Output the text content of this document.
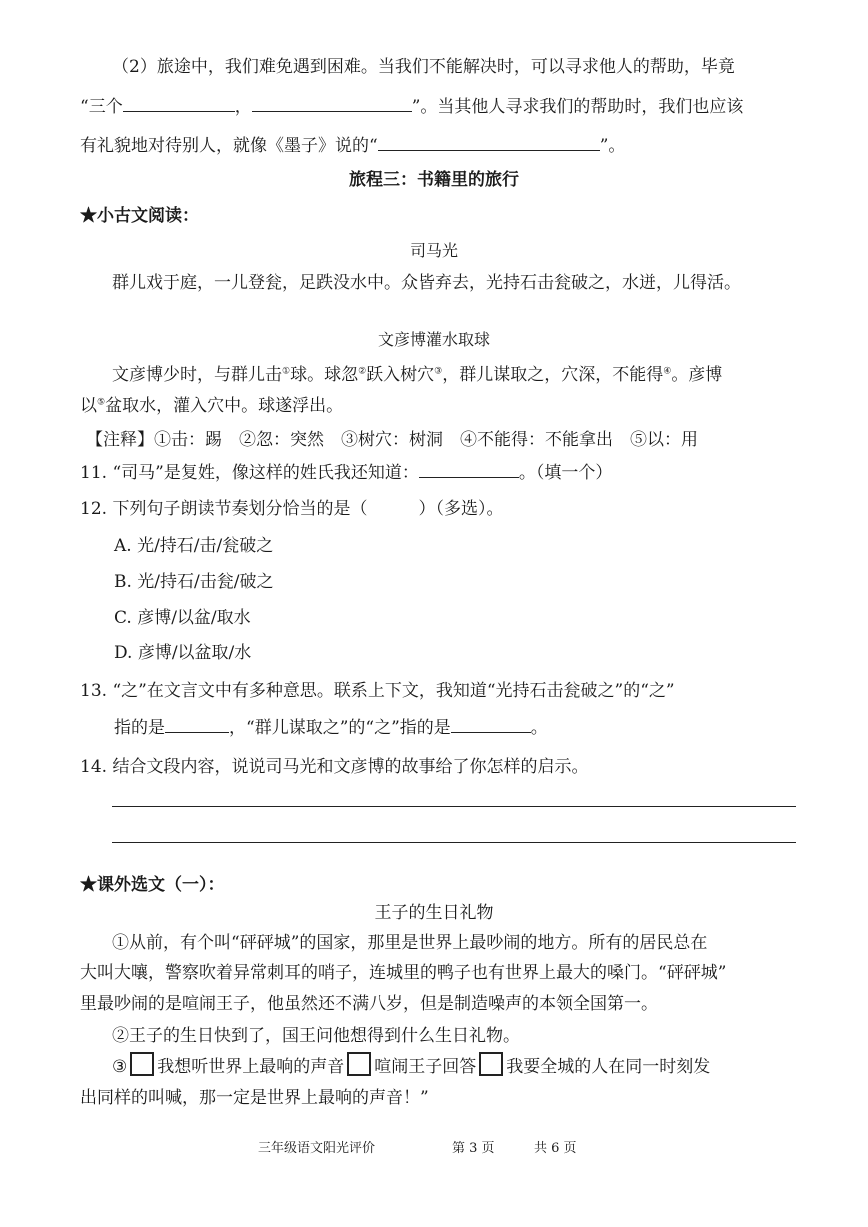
（2）旅途中，我们难免遇到困难。当我们不能解决时，可以寻求他人的帮助，毕竟
“三个	，	”。当其他人寻求我们的帮助时，我们也应该
有礼貌地对待别人，就像《墨子》说的“	”。
旅程三：书籍里的旅行
★小古文阅读：
司马光
群儿戏于庭，一儿登瓮，足跌没水中。众皆弃去，光持石击瓮破之，水迸，儿得活。
文彦博灌水取球
文彦博少时，与群儿击①球。球忽②跃入树穴③，群儿谋取之，穴深，不能得④。彦博
以⑤盆取水，灌入穴中。球遂浮出。
【注释】①击：踢　②忽：突然　③树穴：树洞　④不能得：不能拿出　⑤以：用
11. “司马”是复姓，像这样的姓氏我还知道：	。（填一个）
12. 下列句子朗读节奏划分恰当的是（　　　）（多选）。
A. 光/持石/击/瓮破之
B. 光/持石/击瓮/破之
C. 彦博/以盆/取水
D. 彦博/以盆取/水
13. “之”在文言文中有多种意思。联系上下文，我知道“光持石击瓮破之”的“之”
指的是	，“群儿谋取之”的“之”指的是	。
14. 结合文段内容，说说司马光和文彦博的故事给了你怎样的启示。
★课外选文（一）：
王子的生日礼物
①从前，有个叫“砰砰城”的国家，那里是世界上最吵闹的地方。所有的居民总在
大叫大嚷，警察吹着异常刺耳的哨子，连城里的鸭子也有世界上最大的嗓门。“砰砰城”
里最吵闹的是喧闹王子，他虽然还不满八岁，但是制造噪声的本领全国第一。
②王子的生日快到了，国王问他想得到什么生日礼物。
③ 我想听世界上最响的声音 喧闹王子回答 我要全城的人在同一时刻发
出同样的叫喊，那一定是世界上最响的声音！”
三年级语文阳光评价	第 3 页	共 6 页
